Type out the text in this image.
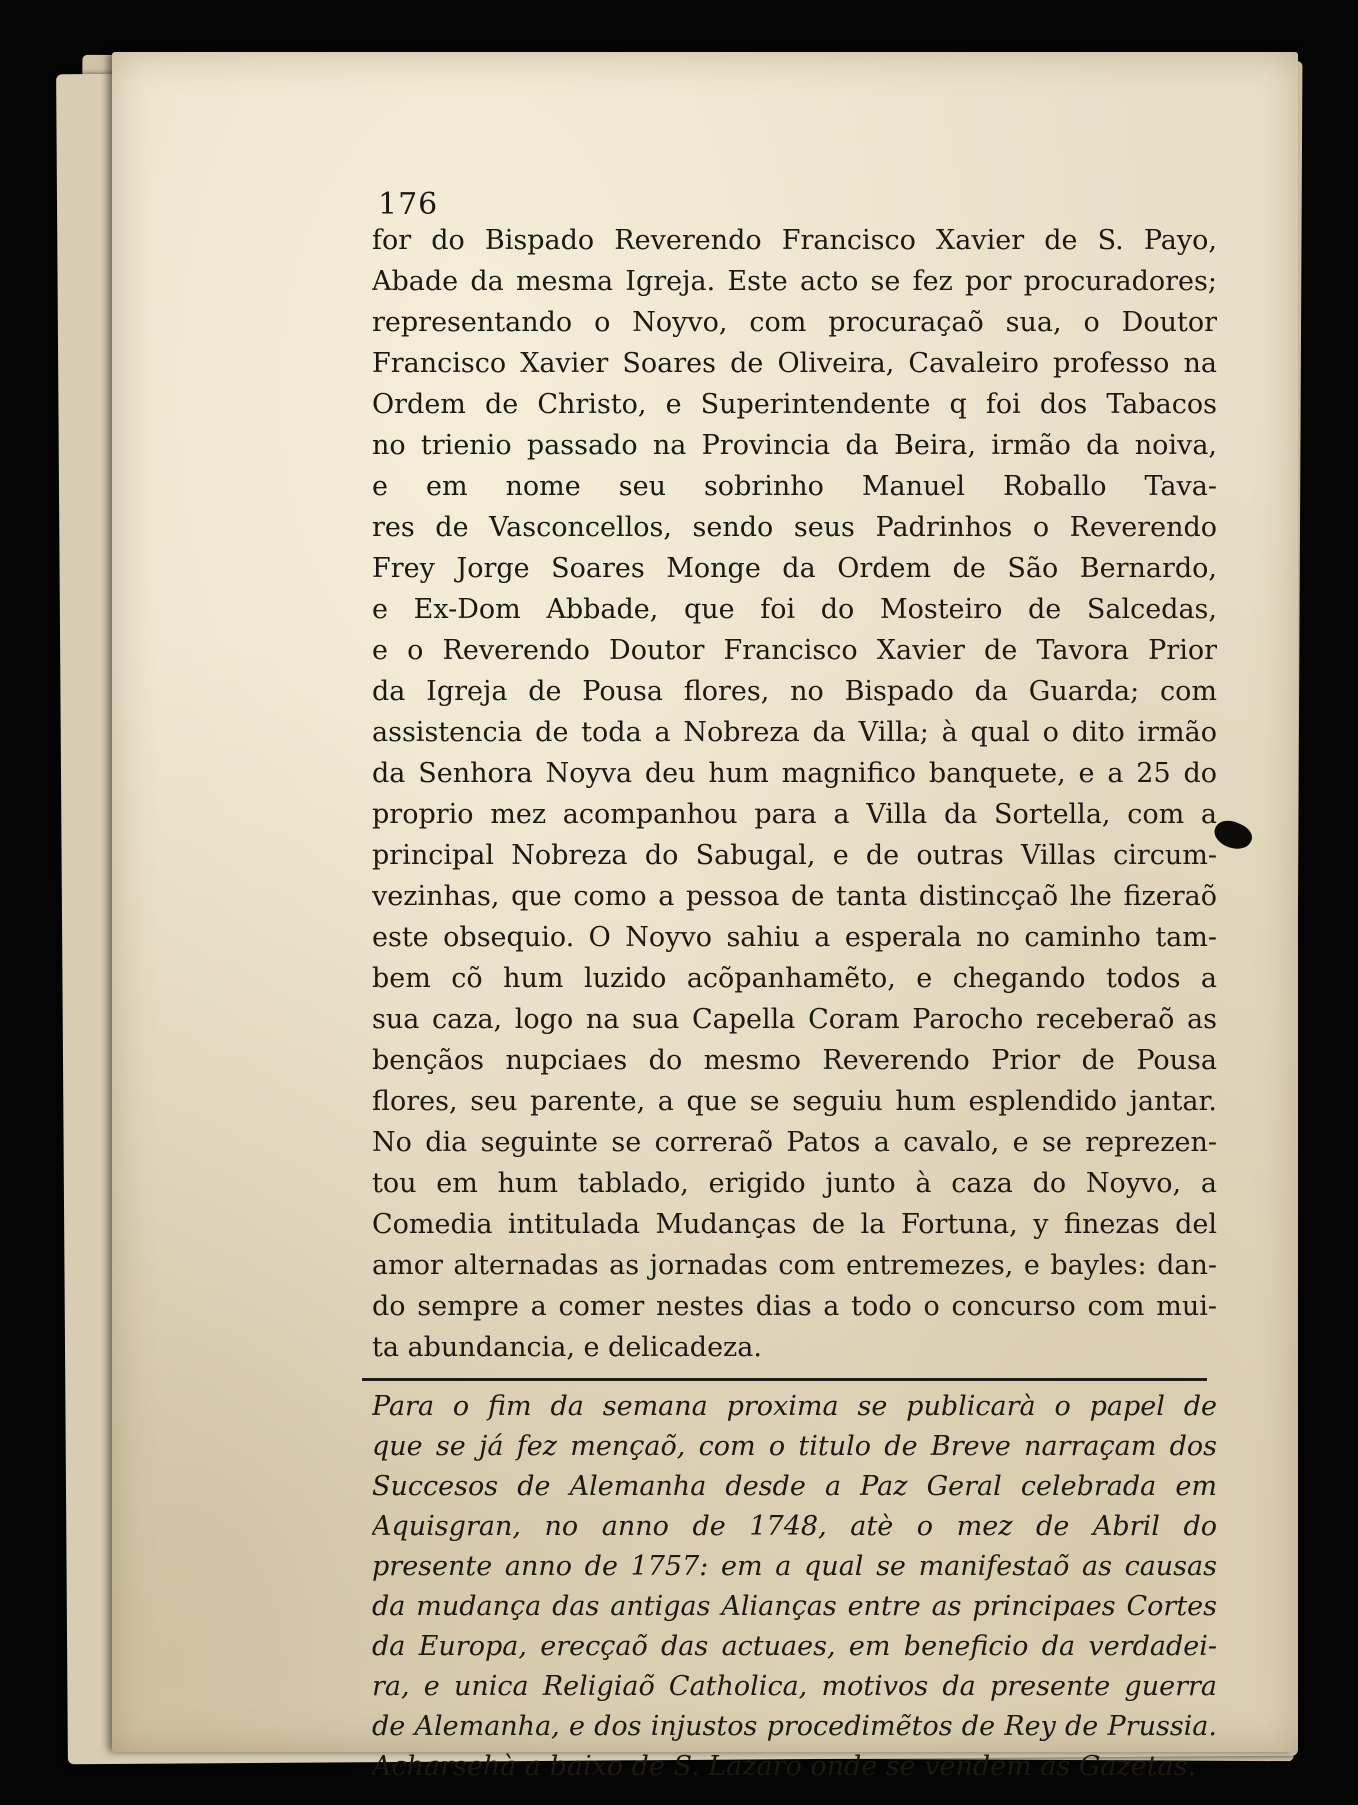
176
for do Bispado Reverendo Francisco Xavier de S. Payo,
Abade da mesma Igreja. Este acto se fez por procuradores;
representando o Noyvo, com procuraçaõ sua, o Doutor
Francisco Xavier Soares de Oliveira, Cavaleiro professo na
Ordem de Christo, e Superintendente q foi dos Tabacos
no trienio passado na Provincia da Beira, irmão da noiva,
e em nome seu sobrinho Manuel Roballo Tava-
res de Vasconcellos, sendo seus Padrinhos o Reverendo
Frey Jorge Soares Monge da Ordem de São Bernardo,
e Ex-Dom Abbade, que foi do Mosteiro de Salcedas,
e o Reverendo Doutor Francisco Xavier de Tavora Prior
da Igreja de Pousa flores, no Bispado da Guarda; com
assistencia de toda a Nobreza da Villa; à qual o dito irmão
da Senhora Noyva deu hum magnifico banquete, e a 25 do
proprio mez acompanhou para a Villa da Sortella, com a
principal Nobreza do Sabugal, e de outras Villas circum-
vezinhas, que como a pessoa de tanta distincçaõ lhe fizeraõ
este obsequio. O Noyvo sahiu a esperala no caminho tam-
bem cõ hum luzido acõpanhamẽto, e chegando todos a
sua caza, logo na sua Capella Coram Parocho receberaõ as
bençãos nupciaes do mesmo Reverendo Prior de Pousa
flores, seu parente, a que se seguiu hum esplendido jantar.
No dia seguinte se correraõ Patos a cavalo, e se reprezen-
tou em hum tablado, erigido junto à caza do Noyvo, a
Comedia intitulada Mudanças de la Fortuna, y finezas del
amor alternadas as jornadas com entremezes, e bayles: dan-
do sempre a comer nestes dias a todo o concurso com mui-
ta abundancia, e delicadeza.
Para o fim da semana proxima se publicarà o papel de
que se já fez mençaõ, com o titulo de Breve narraçam dos
Succesos de Alemanha desde a Paz Geral celebrada em
Aquisgran, no anno de 1748, atè o mez de Abril do
presente anno de 1757: em a qual se manifestaõ as causas
da mudança das antigas Alianças entre as principaes Cortes
da Europa, erecçaõ das actuaes, em beneficio da verdadei-
ra, e unica Religiaõ Catholica, motivos da presente guerra
de Alemanha, e dos injustos procedimẽtos de Rey de Prussia.
Acharsehà a baixo de S. Lazaro onde se vendem as Gazetas.
